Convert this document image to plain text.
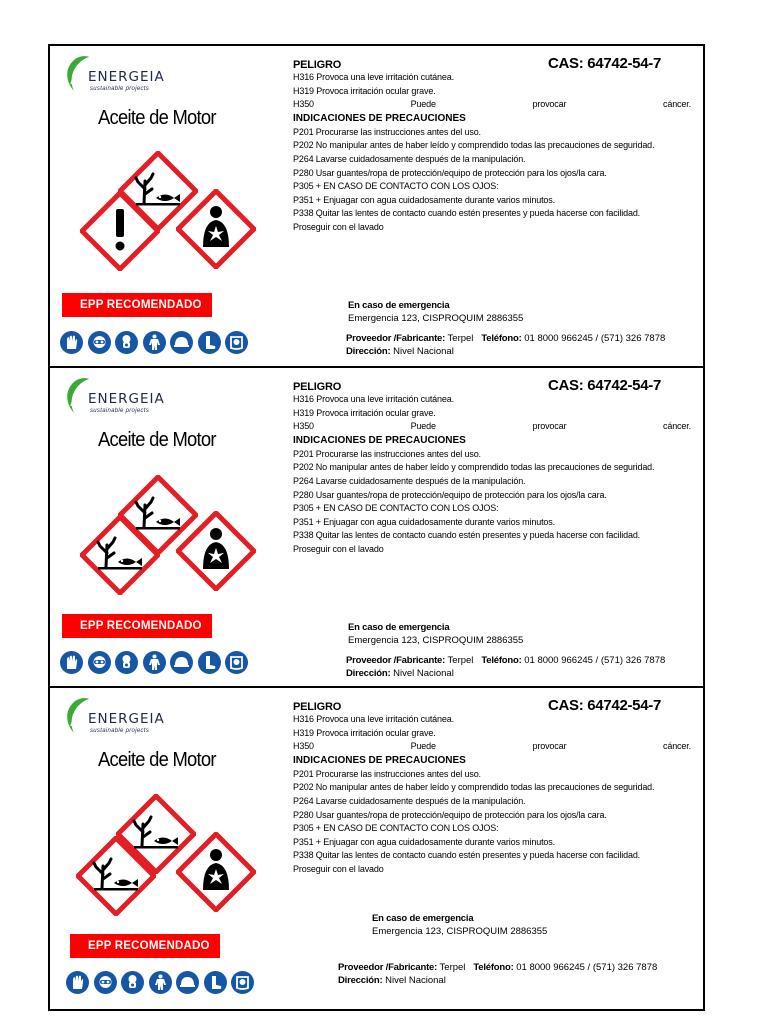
ENERGEIA
sustainable projects
Aceite de Motor
PELIGRO	CAS: 64742-54-7
H316 Provoca una leve irritación cutánea.
H319 Provoca irritación ocular grave.
H350	Puede	provocar	cáncer.
INDICACIONES DE PRECAUCIONES
P201 Procurarse las instrucciones antes del uso.
P202 No manipular antes de haber leído y comprendido todas las precauciones de seguridad.
P264 Lavarse cuidadosamente después de la manipulación.
P280 Usar guantes/ropa de protección/equipo de protección para los ojos/la cara.
P305 + EN CASO DE CONTACTO CON LOS OJOS:
P351 + Enjuagar con agua cuidadosamente durante varios minutos.
P338 Quitar las lentes de contacto cuando estén presentes y pueda hacerse con facilidad.
Proseguir con el lavado
EPP RECOMENDADO	En caso de emergencia
Emergencia 123, CISPROQUIM 2886355
Proveedor /Fabricante: Terpel Teléfono: 01 8000 966245 / (571) 326 7878
Dirección: Nivel Nacional
ENERGEIA
sustainable projects
Aceite de Motor
PELIGRO	CAS: 64742-54-7
H316 Provoca una leve irritación cutánea.
H319 Provoca irritación ocular grave.
H350	Puede	provocar	cáncer.
INDICACIONES DE PRECAUCIONES
P201 Procurarse las instrucciones antes del uso.
P202 No manipular antes de haber leído y comprendido todas las precauciones de seguridad.
P264 Lavarse cuidadosamente después de la manipulación.
P280 Usar guantes/ropa de protección/equipo de protección para los ojos/la cara.
P305 + EN CASO DE CONTACTO CON LOS OJOS:
P351 + Enjuagar con agua cuidadosamente durante varios minutos.
P338 Quitar las lentes de contacto cuando estén presentes y pueda hacerse con facilidad.
Proseguir con el lavado
EPP RECOMENDADO	En caso de emergencia
Emergencia 123, CISPROQUIM 2886355
Proveedor /Fabricante: Terpel Teléfono: 01 8000 966245 / (571) 326 7878
Dirección: Nivel Nacional
ENERGEIA
sustainable projects
Aceite de Motor
PELIGRO	CAS: 64742-54-7
H316 Provoca una leve irritación cutánea.
H319 Provoca irritación ocular grave.
H350	Puede	provocar	cáncer.
INDICACIONES DE PRECAUCIONES
P201 Procurarse las instrucciones antes del uso.
P202 No manipular antes de haber leído y comprendido todas las precauciones de seguridad.
P264 Lavarse cuidadosamente después de la manipulación.
P280 Usar guantes/ropa de protección/equipo de protección para los ojos/la cara.
P305 + EN CASO DE CONTACTO CON LOS OJOS:
P351 + Enjuagar con agua cuidadosamente durante varios minutos.
P338 Quitar las lentes de contacto cuando estén presentes y pueda hacerse con facilidad.
Proseguir con el lavado
EPP RECOMENDADO
En caso de emergencia
Emergencia 123, CISPROQUIM 2886355
Proveedor /Fabricante: Terpel Teléfono: 01 8000 966245 / (571) 326 7878
Dirección: Nivel Nacional
